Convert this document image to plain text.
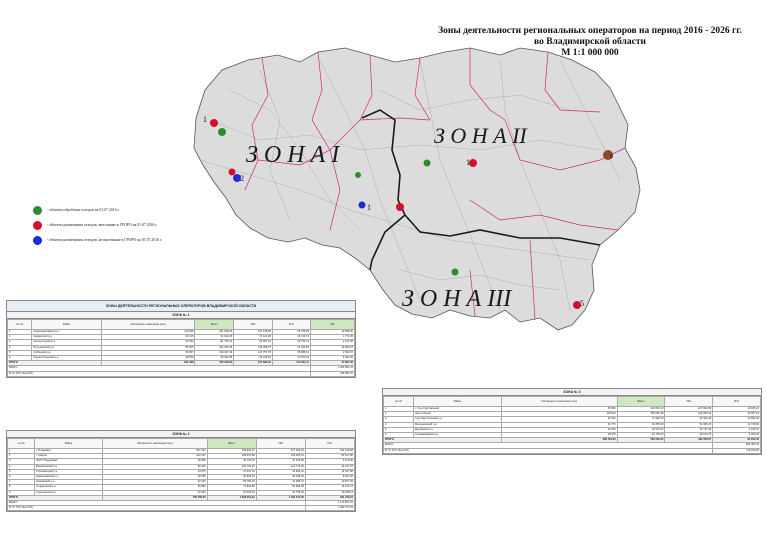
1
2
1
1
5
6
З О Н А I
З О Н А II
З О Н А III
Зоны деятельности региональных операторов на период 2016 - 2026 гг.
во Владимирской области
М 1:1 000 000
- объекты обработки отходов на 01.07.2016 г.
- объекты размещения отходов, внесенные в ГРОРО на 01.07.2016 г.
- объекты размещения отходов, не внесенные в ГРОРО на 01.07.2016 г.
ЗОНЫ ДЕЯТЕЛЬНОСТИ РЕГИОНАЛЬНЫХ ОПЕРАТОРОВ ВЛАДИМИРСКОЙ ОБЛАСТИ
ЗОНА № 1
№ п/п	Район	Численность населения (чел)	Всего	ТКО	КГО	Тбо
1	Александровский р-н	110 938	231 918,03	157 138,80	64 789,25	10 598,00
2	Киржачский р-н	46 136	91 644,45	71 122,28	18 749,72	1 772,45
3	Кольчугинский р-н	54 994	111 756,40	84 857,18	23 752,14	3 147,08
4	Петушинский р-н	85 929	161 292,35	119 098,37	21 193,83	20 940,15
5	Собинский р-н	56 057	120 337,46	104 757,78	38 986,61	2 593,07
6	Юрьев-Польский р-н	38 839	89 102,85	63 198,81	20 812,04	5 092,00
ИТОГО		362 488	762 246,00	447 839,40	114 004,11	47 897,40
ВСЕГО						1 369 981,34
В Т.Ч ТКО (без КГО)						936 953,72
ЗОНА № 2
№ п/п	Район	Численность населения (чел)	Всего	ТКО	КГО
1	г. Владимир	357 424	753 940,07	571 923,49	182 016,58
2	г. Ковров	140 137	298 901,98	218 384,12	80 517,86
3	ЗАТО "Радужный"	18 368	36 736,00	31 225,60	5 510,40
4	Вязниковский р-н	86 025	162 793,46	121 776,39	41 017,07
5	Гороховецкий р-н	24 075	47 012,19	32 904,21	14 107,98
6	Камешковский р-н	30 966	56 945,40	48 398,34	8 547,06
7	Ковровский р-н	32 203	55 786,30	44 908,47	10 877,83
8	Суздальский р-н	39 860	71 802,80	56 890,08	14 912,72
9	Судогодский р-н	40 000	87 016,43	63 758,29	23 258,14
ИТОГО		756 000,00	1 636 901,91	1 190 217,60	361 215,12
ВСЕГО					2 172 864,41
В Т.Ч ТКО (без КГО)					1 962 373,03
ЗОНА № 3
№ п/п	Район	Численность населения (чел)	Всего	ТКО	КГО
1	г. Гусь-Хрустальный	59 693	126 846,10	107 820,89	19 025,21
2	Округ Муром	118 824	255 050,48	215 083,34	39 967,14
3	Гусь-Хрустальный р-н	41 513	74 428,70	63 434,40	10 994,30
4	Меленковский р-н	34 770	63 655,09	51 906,15	11 748,94
5	Муромский р-н	16 949	29 572,00	25 137,33	4 434,67
6	Селивановский р-н	18 375	33 735,00	28 674,75	5 060,25
ИТОГО		289 764,00	583 259,32	492 056,87	91 202,45
ВСЕГО					823 403,78
В Т.Ч ТКО (без КГО)					713 879,55
